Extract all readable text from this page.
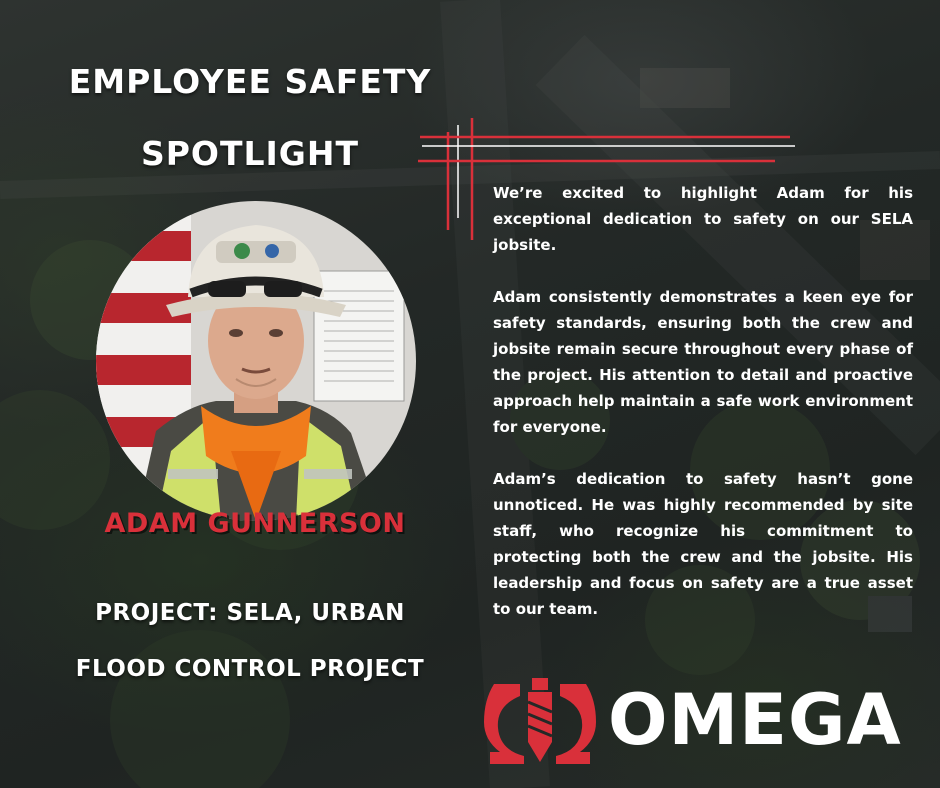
EMPLOYEE SAFETY
SPOTLIGHT
ADAM GUNNERSON
PROJECT: SELA, URBAN
FLOOD CONTROL PROJECT

We’re excited to highlight Adam for his exceptional dedication to safety on our SELA jobsite.

Adam consistently demonstrates a keen eye for safety standards, ensuring both the crew and jobsite remain secure throughout every phase of the project. His attention to detail and proactive approach help maintain a safe work environment for everyone.

Adam’s dedication to safety hasn’t gone unnoticed. He was highly recommended by site staff, who recognize his commitment to protecting both the crew and the jobsite. His leadership and focus on safety are a true asset to our team.

OMEGA
